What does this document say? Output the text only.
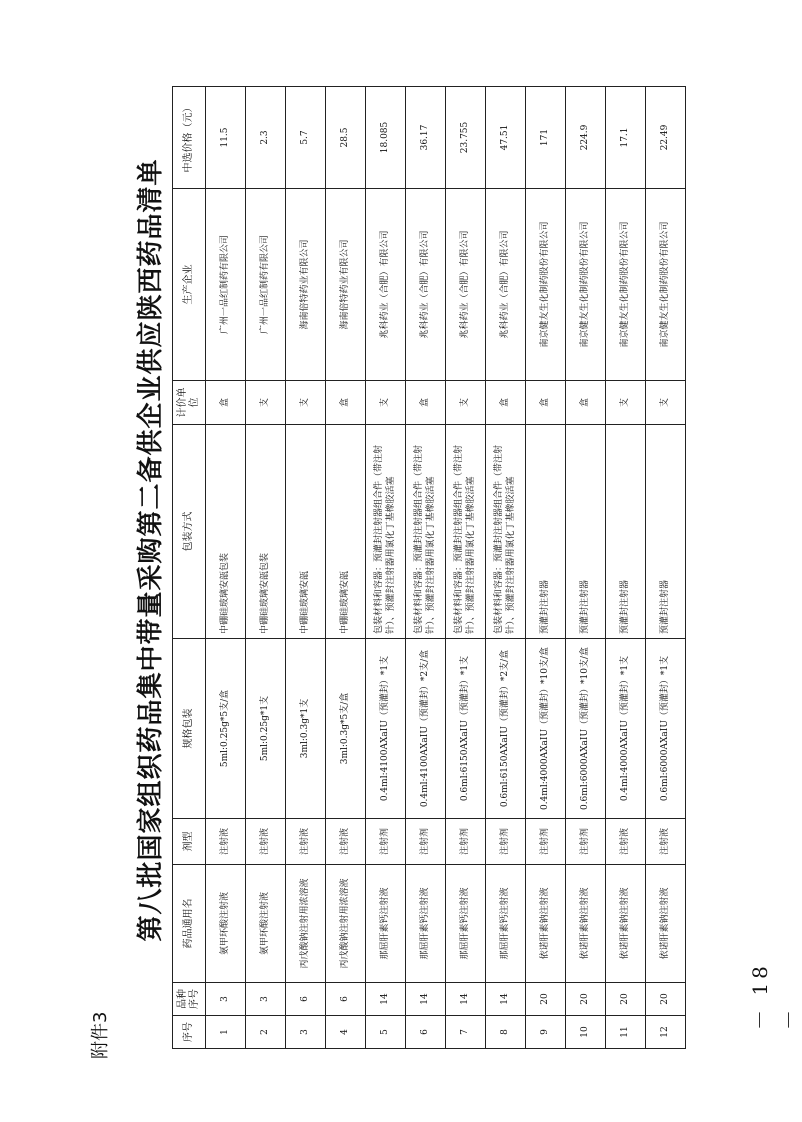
－ 18 －
附件3
第八批国家组织药品集中带量采购第二备供企业供应陕西药品清单
序号	品种序号	药品通用名	剂型	规格包装	包装方式	计价单位	生产企业	中选价格（元）
1	3	氨甲环酸注射液	注射液	5ml:0.25g*5支/盒	中硼硅玻璃安瓿包装	盒	广州一品红制药有限公司	11.5
2	3	氨甲环酸注射液	注射液	5ml:0.25g*1支	中硼硅玻璃安瓿包装	支	广州一品红制药有限公司	2.3
3	6	丙戊酸钠注射用浓溶液	注射液	3ml:0.3g*1支	中硼硅玻璃安瓿	支	海南倍特药业有限公司	5.7
4	6	丙戊酸钠注射用浓溶液	注射液	3ml:0.3g*5支/盒	中硼硅玻璃安瓿	盒	海南倍特药业有限公司	28.5
5	14	那屈肝素钙注射液	注射剂	0.4ml:4100AXaIU（预灌封）*1支	包装材料和容器：预灌封注射器组合件（带注射针）、预灌封注射器用氯化丁基橡胶活塞	支	兆科药业（合肥）有限公司	18.085
6	14	那屈肝素钙注射液	注射剂	0.4ml:4100AXaIU（预灌封）*2支/盒	包装材料和容器：预灌封注射器组合件（带注射针）、预灌封注射器用氯化丁基橡胶活塞	盒	兆科药业（合肥）有限公司	36.17
7	14	那屈肝素钙注射液	注射剂	0.6ml:6150AXaIU（预灌封）*1支	包装材料和容器：预灌封注射器组合件（带注射针）、预灌封注射器用氯化丁基橡胶活塞	支	兆科药业（合肥）有限公司	23.755
8	14	那屈肝素钙注射液	注射剂	0.6ml:6150AXaIU（预灌封）*2支/盒	包装材料和容器：预灌封注射器组合件（带注射针）、预灌封注射器用氯化丁基橡胶活塞	盒	兆科药业（合肥）有限公司	47.51
9	20	依诺肝素钠注射液	注射剂	0.4ml:4000AXaIU（预灌封）*10支/盒	预灌封注射器	盒	南京健友生化制药股份有限公司	171
10	20	依诺肝素钠注射液	注射剂	0.6ml:6000AXaIU（预灌封）*10支/盒	预灌封注射器	盒	南京健友生化制药股份有限公司	224.9
11	20	依诺肝素钠注射液	注射液	0.4ml:4000AXaIU（预灌封）*1支	预灌封注射器	支	南京健友生化制药股份有限公司	17.1
12	20	依诺肝素钠注射液	注射液	0.6ml:6000AXaIU（预灌封）*1支	预灌封注射器	支	南京健友生化制药股份有限公司	22.49
